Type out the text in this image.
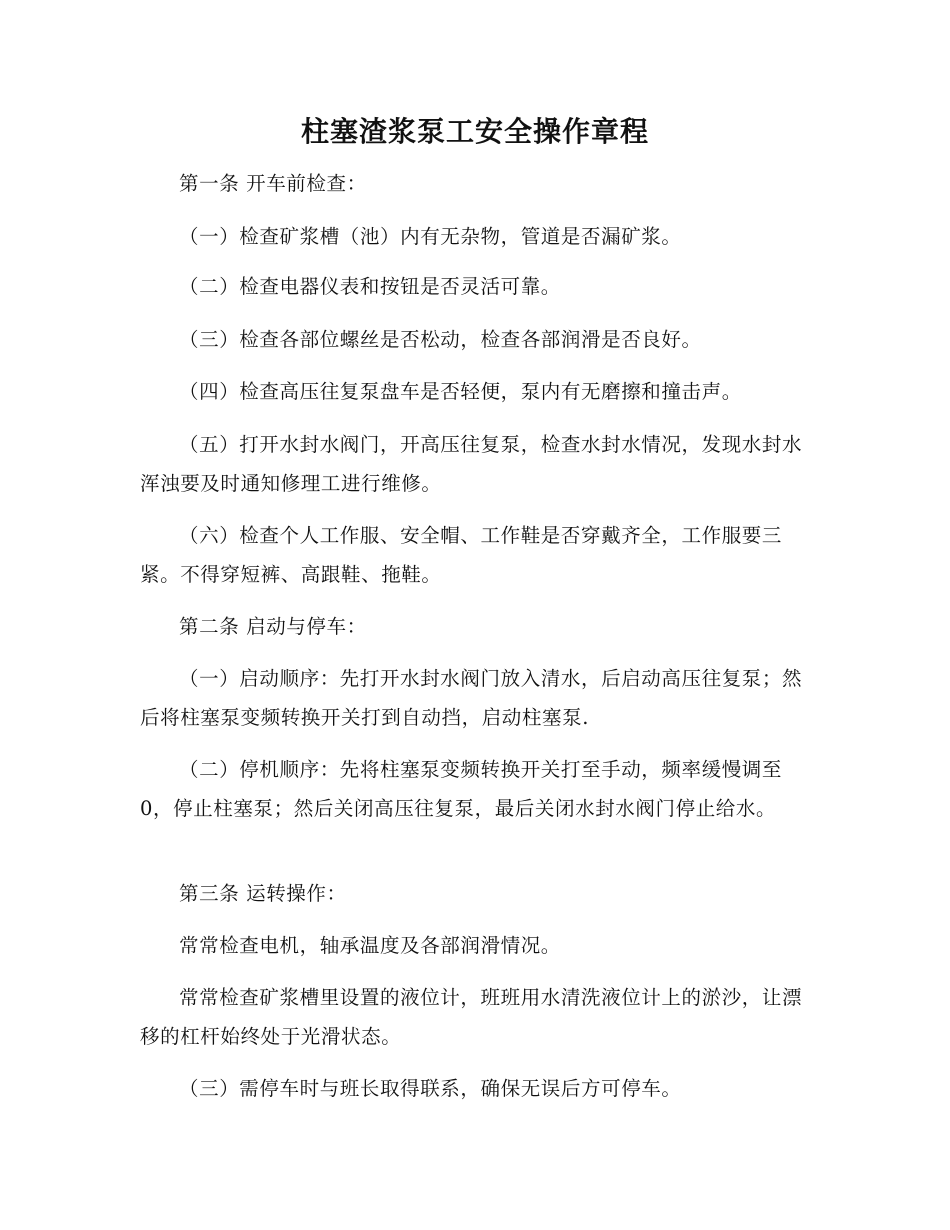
柱塞渣浆泵工安全操作章程

第一条 开车前检查：

（一）检查矿浆槽（池）内有无杂物，管道是否漏矿浆。

（二）检查电器仪表和按钮是否灵活可靠。

（三）检查各部位螺丝是否松动，检查各部润滑是否良好。

（四）检查高压往复泵盘车是否轻便，泵内有无磨擦和撞击声。

（五）打开水封水阀门，开高压往复泵，检查水封水情况，发现水封水浑浊要及时通知修理工进行维修。

（六）检查个人工作服、安全帽、工作鞋是否穿戴齐全，工作服要三紧。不得穿短裤、高跟鞋、拖鞋。

第二条 启动与停车：

（一）启动顺序：先打开水封水阀门放入清水，后启动高压往复泵；然后将柱塞泵变频转换开关打到自动挡，启动柱塞泵.

（二）停机顺序：先将柱塞泵变频转换开关打至手动，频率缓慢调至0，停止柱塞泵；然后关闭高压往复泵，最后关闭水封水阀门停止给水。

第三条 运转操作：

常常检查电机，轴承温度及各部润滑情况。

常常检查矿浆槽里设置的液位计，班班用水清洗液位计上的淤沙，让漂移的杠杆始终处于光滑状态。

（三）需停车时与班长取得联系，确保无误后方可停车。
